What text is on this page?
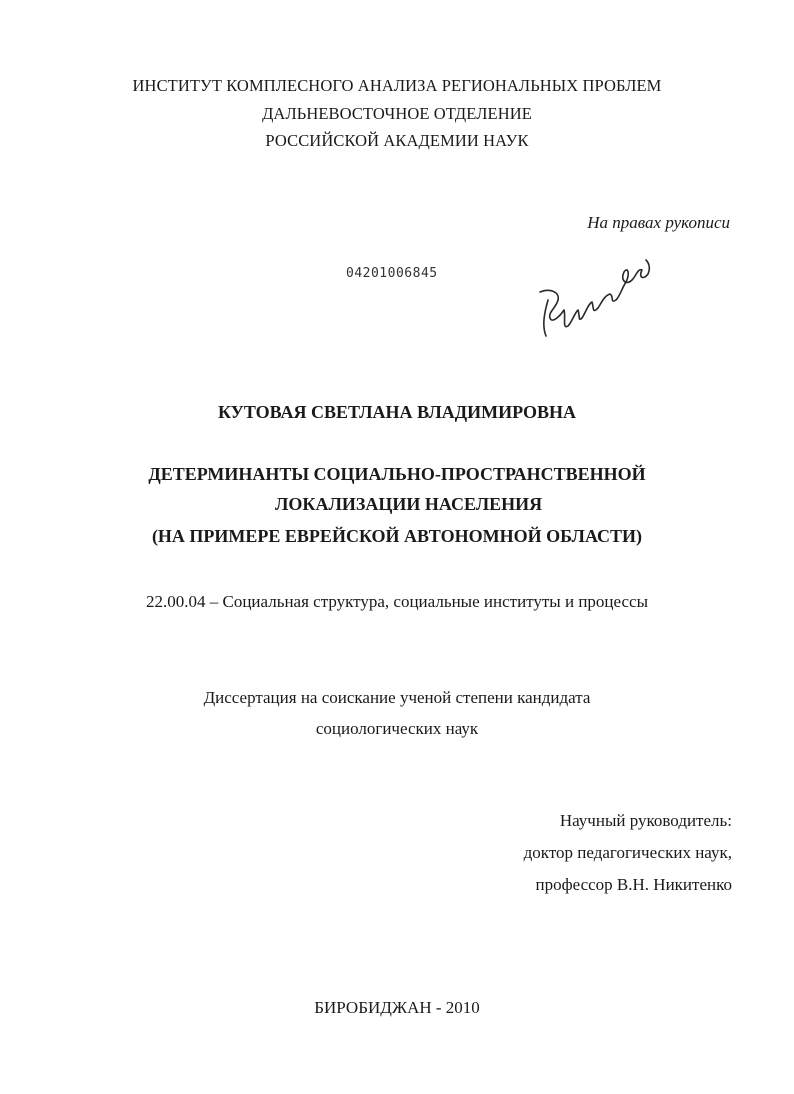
ИНСТИТУТ КОМПЛЕСНОГО АНАЛИЗА РЕГИОНАЛЬНЫХ ПРОБЛЕМ
ДАЛЬНЕВОСТОЧНОЕ ОТДЕЛЕНИЕ
РОССИЙСКОЙ АКАДЕМИИ НАУК
На правах рукописи
04201006845
Кутовая
КУТОВАЯ СВЕТЛАНА ВЛАДИМИРОВНА
ДЕТЕРМИНАНТЫ СОЦИАЛЬНО-ПРОСТРАНСТВЕННОЙ
ЛОКАЛИЗАЦИИ НАСЕЛЕНИЯ
(НА ПРИМЕРЕ ЕВРЕЙСКОЙ АВТОНОМНОЙ ОБЛАСТИ)
22.00.04 – Социальная структура, социальные институты и процессы
Диссертация на соискание ученой степени кандидата
социологических наук
Научный руководитель:
доктор педагогических наук,
профессор В.Н. Никитенко
БИРОБИДЖАН - 2010
